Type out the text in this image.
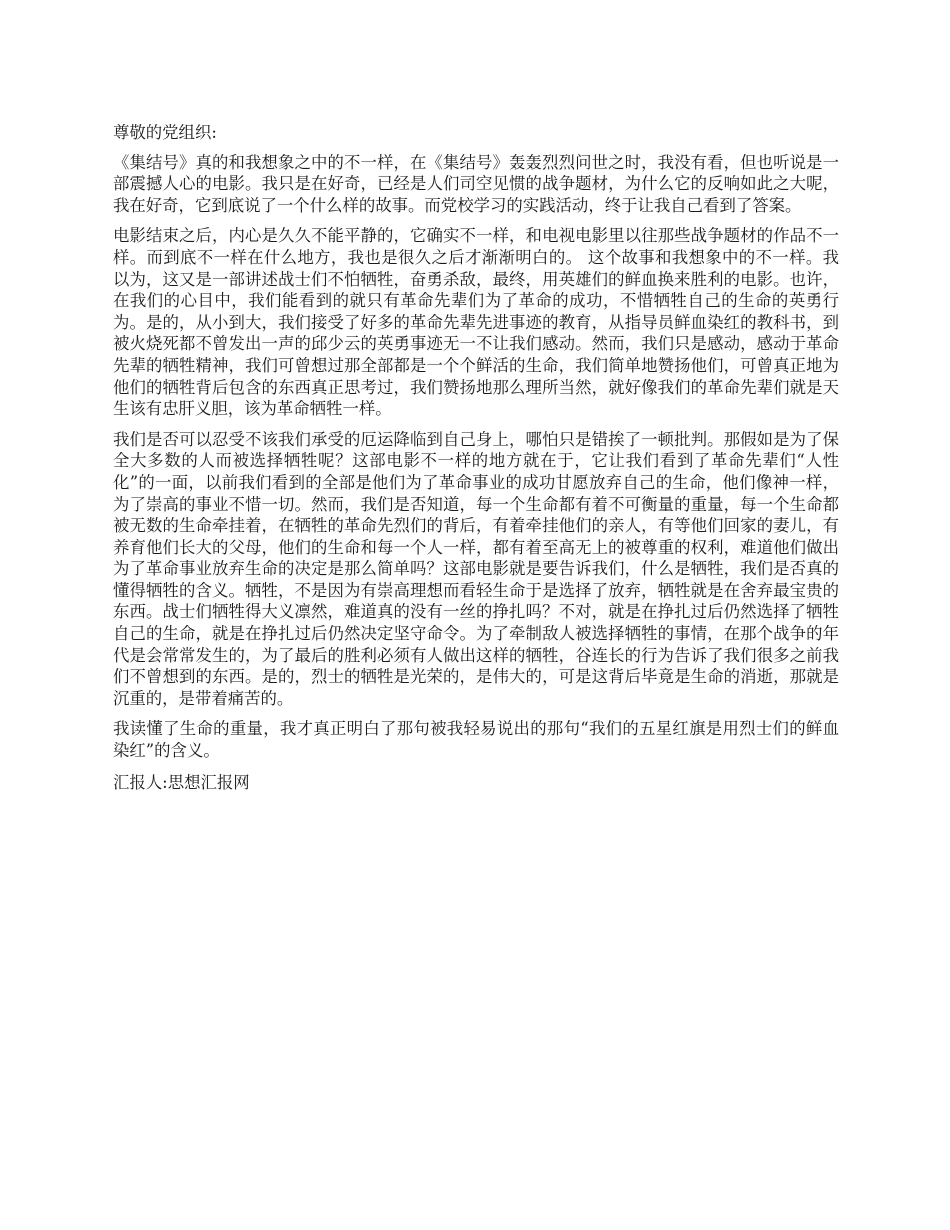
尊敬的党组织:

《集结号》真的和我想象之中的不一样，在《集结号》轰轰烈烈问世之时，我没有看，但也听说是一部震撼人心的电影。我只是在好奇，已经是人们司空见惯的战争题材，为什么它的反响如此之大呢，我在好奇，它到底说了一个什么样的故事。而党校学习的实践活动，终于让我自己看到了答案。

电影结束之后，内心是久久不能平静的，它确实不一样，和电视电影里以往那些战争题材的作品不一样。而到底不一样在什么地方，我也是很久之后才渐渐明白的。 这个故事和我想象中的不一样。我以为，这又是一部讲述战士们不怕牺牲，奋勇杀敌，最终，用英雄们的鲜血换来胜利的电影。也许，在我们的心目中，我们能看到的就只有革命先辈们为了革命的成功，不惜牺牲自己的生命的英勇行为。是的，从小到大，我们接受了好多的革命先辈先进事迹的教育，从指导员鲜血染红的教科书，到被火烧死都不曾发出一声的邱少云的英勇事迹无一不让我们感动。然而，我们只是感动，感动于革命先辈的牺牲精神，我们可曾想过那全部都是一个个鲜活的生命，我们简单地赞扬他们，可曾真正地为他们的牺牲背后包含的东西真正思考过，我们赞扬地那么理所当然，就好像我们的革命先辈们就是天生该有忠肝义胆，该为革命牺牲一样。

我们是否可以忍受不该我们承受的厄运降临到自己身上，哪怕只是错挨了一顿批判。那假如是为了保全大多数的人而被选择牺牲呢？这部电影不一样的地方就在于，它让我们看到了革命先辈们“人性化”的一面，以前我们看到的全部是他们为了革命事业的成功甘愿放弃自己的生命，他们像神一样，为了崇高的事业不惜一切。然而，我们是否知道，每一个生命都有着不可衡量的重量，每一个生命都被无数的生命牵挂着，在牺牲的革命先烈们的背后，有着牵挂他们的亲人，有等他们回家的妻儿，有养育他们长大的父母，他们的生命和每一个人一样，都有着至高无上的被尊重的权利，难道他们做出为了革命事业放弃生命的决定是那么简单吗？这部电影就是要告诉我们，什么是牺牲，我们是否真的懂得牺牲的含义。牺牲，不是因为有崇高理想而看轻生命于是选择了放弃，牺牲就是在舍弃最宝贵的东西。战士们牺牲得大义凛然，难道真的没有一丝的挣扎吗？不对，就是在挣扎过后仍然选择了牺牲自己的生命，就是在挣扎过后仍然决定坚守命令。为了牵制敌人被选择牺牲的事情，在那个战争的年代是会常常发生的，为了最后的胜利必须有人做出这样的牺牲，谷连长的行为告诉了我们很多之前我们不曾想到的东西。是的，烈士的牺牲是光荣的，是伟大的，可是这背后毕竟是生命的消逝，那就是沉重的，是带着痛苦的。

我读懂了生命的重量，我才真正明白了那句被我轻易说出的那句“我们的五星红旗是用烈士们的鲜血染红”的含义。

汇报人:思想汇报网
